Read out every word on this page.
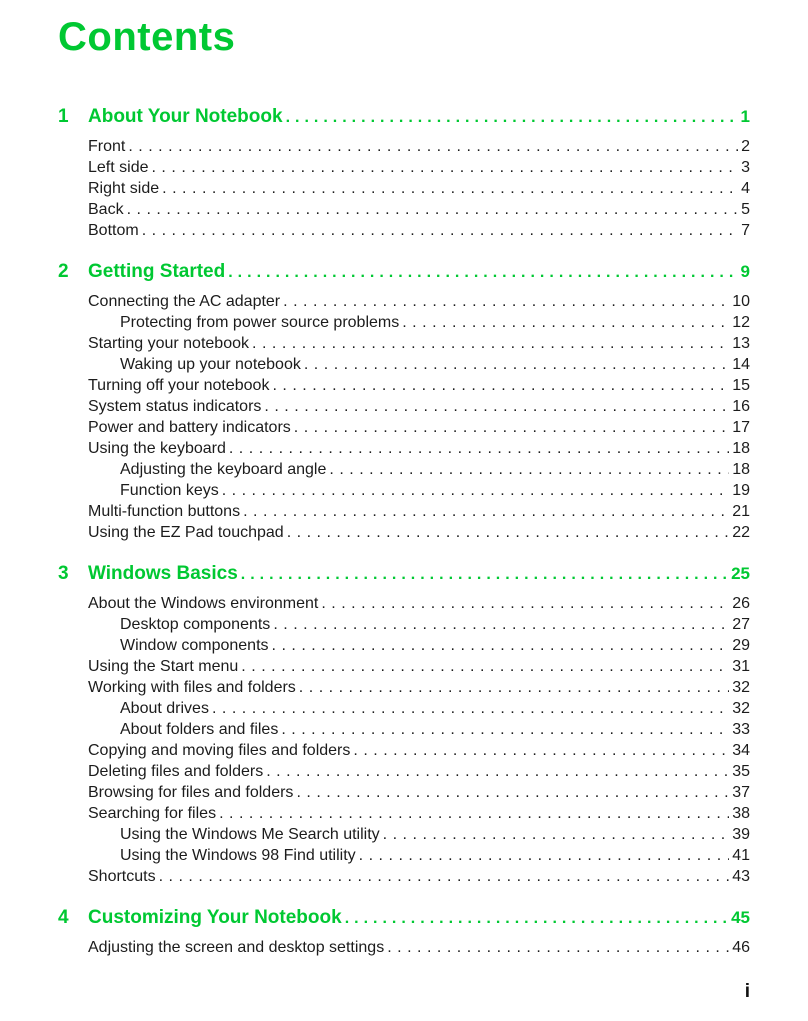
Contents
1	About Your Notebook .....	1
Front .....	2
Left side .....	3
Right side .....	4
Back .....	5
Bottom .....	7
2	Getting Started .....	9
Connecting the AC adapter .....	10
Protecting from power source problems .....	12
Starting your notebook .....	13
Waking up your notebook .....	14
Turning off your notebook .....	15
System status indicators .....	16
Power and battery indicators .....	17
Using the keyboard .....	18
Adjusting the keyboard angle .....	18
Function keys .....	19
Multi-function buttons .....	21
Using the EZ Pad touchpad .....	22
3	Windows Basics .....	25
About the Windows environment .....	26
Desktop components .....	27
Window components .....	29
Using the Start menu .....	31
Working with files and folders .....	32
About drives .....	32
About folders and files .....	33
Copying and moving files and folders .....	34
Deleting files and folders .....	35
Browsing for files and folders .....	37
Searching for files .....	38
Using the Windows Me Search utility .....	39
Using the Windows 98 Find utility .....	41
Shortcuts .....	43
4	Customizing Your Notebook .....	45
Adjusting the screen and desktop settings .....	46
i
